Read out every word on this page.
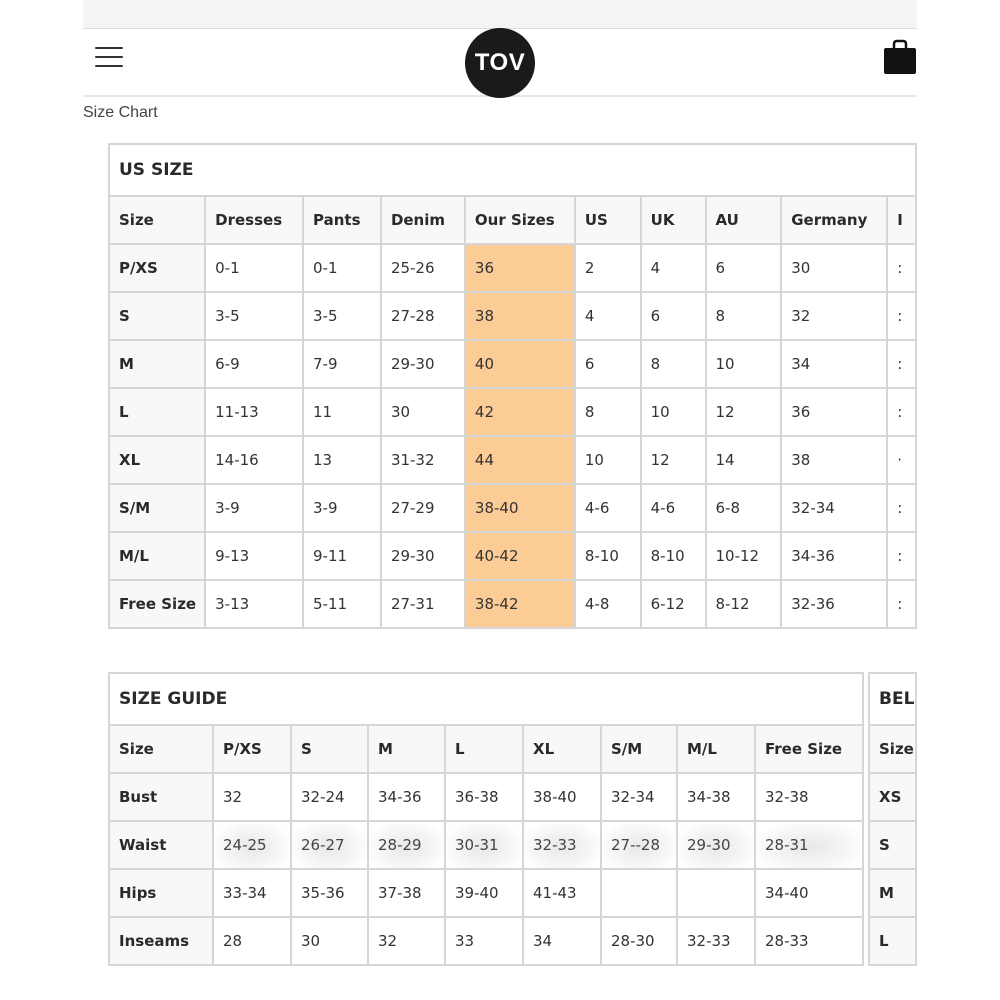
TOV
Size Chart
US SIZE									
Size	Dresses	Pants	Denim	Our Sizes	US	UK	AU	Germany	I
P/XS	0-1	0-1	25-26	36	2	4	6	30	:
S	3-5	3-5	27-28	38	4	6	8	32	:
M	6-9	7-9	29-30	40	6	8	10	34	:
L	11-13	11	30	42	8	10	12	36	:
XL	14-16	13	31-32	44	10	12	14	38	·
S/M	3-9	3-9	27-29	38-40	4-6	4-6	6-8	32-34	:
M/L	9-13	9-11	29-30	40-42	8-10	8-10	10-12	34-36	:
Free Size	3-13	5-11	27-31	38-42	4-8	6-12	8-12	32-36	:
SIZE GUIDE								
Size	P/XS	S	M	L	XL	S/M	M/L	Free Size
Bust	32	32-24	34-36	36-38	38-40	32-34	34-38	32-38
Waist	24-25	26-27	28-29	30-31	32-33	27--28	29-30	28-31
Hips	33-34	35-36	37-38	39-40	41-43			34-40
Inseams	28	30	32	33	34	28-30	32-33	28-33
BEL
Size
XS
S
M
L
